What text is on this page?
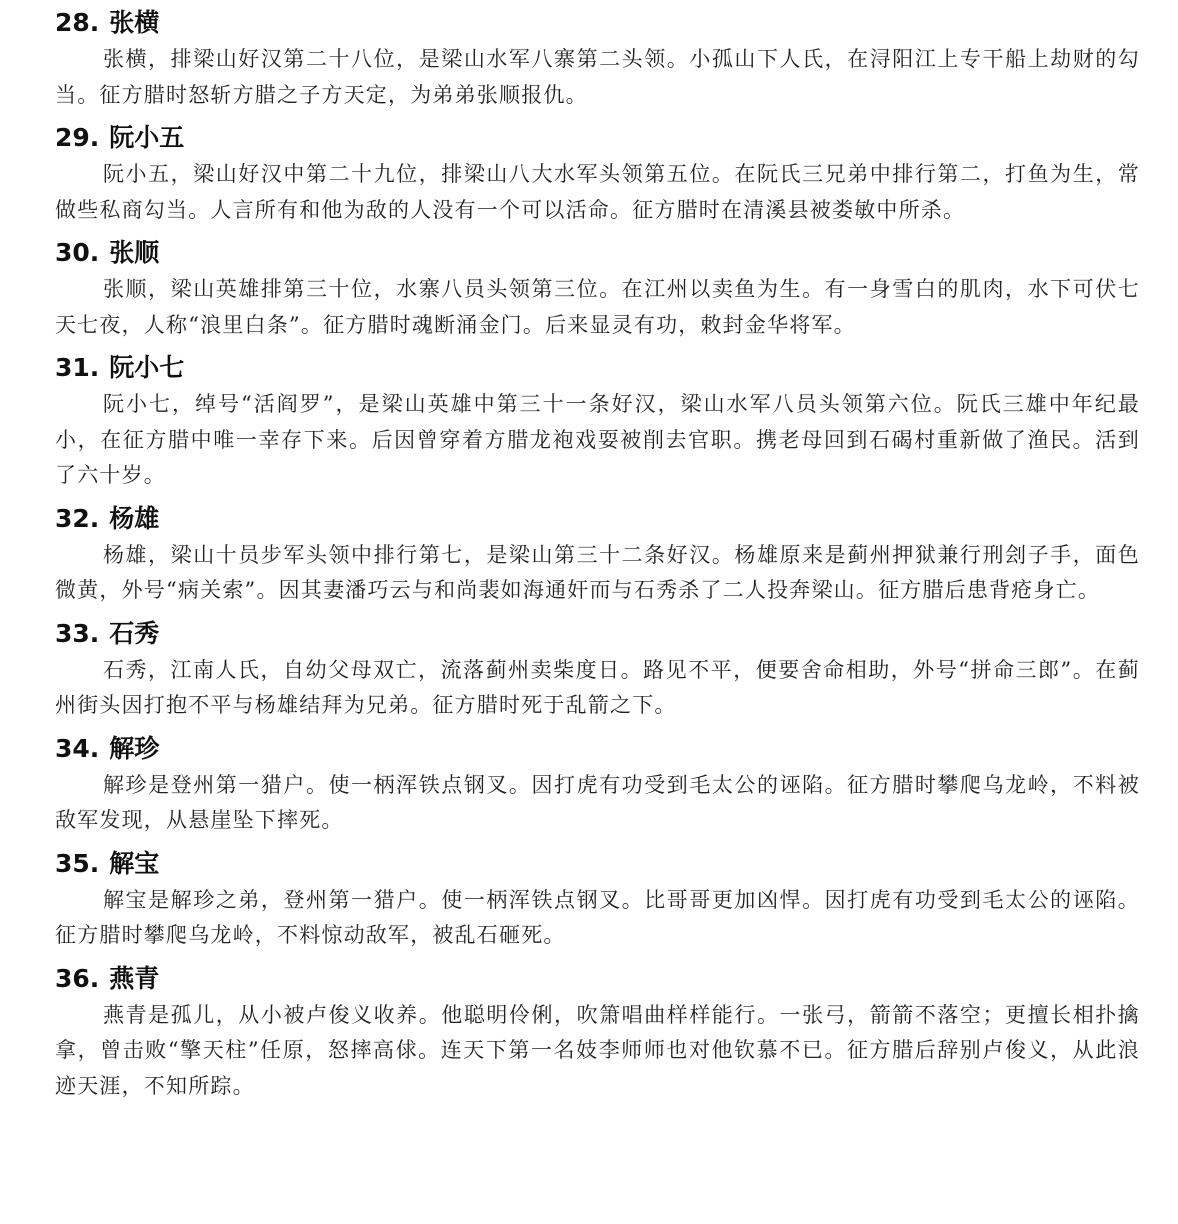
28. 张横

张横，排梁山好汉第二十八位，是梁山水军八寨第二头领。小孤山下人氏，在浔阳江上专干船上劫财的勾当。征方腊时怒斩方腊之子方天定，为弟弟张顺报仇。

29. 阮小五

阮小五，梁山好汉中第二十九位，排梁山八大水军头领第五位。在阮氏三兄弟中排行第二，打鱼为生，常做些私商勾当。人言所有和他为敌的人没有一个可以活命。征方腊时在清溪县被娄敏中所杀。

30. 张顺

张顺，梁山英雄排第三十位，水寨八员头领第三位。在江州以卖鱼为生。有一身雪白的肌肉，水下可伏七天七夜，人称“浪里白条”。征方腊时魂断涌金门。后来显灵有功，敕封金华将军。

31. 阮小七

阮小七，绰号“活阎罗”，是梁山英雄中第三十一条好汉，梁山水军八员头领第六位。阮氏三雄中年纪最小，在征方腊中唯一幸存下来。后因曾穿着方腊龙袍戏耍被削去官职。携老母回到石碣村重新做了渔民。活到了六十岁。

32. 杨雄

杨雄，梁山十员步军头领中排行第七，是梁山第三十二条好汉。杨雄原来是蓟州押狱兼行刑刽子手，面色微黄，外号“病关索”。因其妻潘巧云与和尚裴如海通奸而与石秀杀了二人投奔梁山。征方腊后患背疮身亡。

33. 石秀

石秀，江南人氏，自幼父母双亡，流落蓟州卖柴度日。路见不平，便要舍命相助，外号“拼命三郎”。在蓟州街头因打抱不平与杨雄结拜为兄弟。征方腊时死于乱箭之下。

34. 解珍

解珍是登州第一猎户。使一柄浑铁点钢叉。因打虎有功受到毛太公的诬陷。征方腊时攀爬乌龙岭，不料被敌军发现，从悬崖坠下摔死。

35. 解宝

解宝是解珍之弟，登州第一猎户。使一柄浑铁点钢叉。比哥哥更加凶悍。因打虎有功受到毛太公的诬陷。征方腊时攀爬乌龙岭，不料惊动敌军，被乱石砸死。

36. 燕青

燕青是孤儿，从小被卢俊义收养。他聪明伶俐，吹箫唱曲样样能行。一张弓，箭箭不落空；更擅长相扑擒拿，曾击败“擎天柱”任原，怒摔高俅。连天下第一名妓李师师也对他钦慕不已。征方腊后辞别卢俊义，从此浪迹天涯，不知所踪。
